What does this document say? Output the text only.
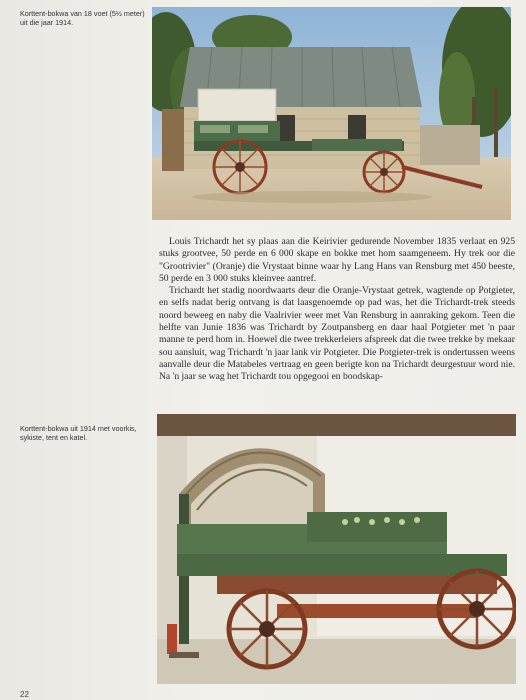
Korttent-bokwa van 18 voet (5½ meter) uit die jaar 1914.

Louis Trichardt het sy plaas aan die Keirivier gedurende November 1835 verlaat en 925 stuks grootvee, 50 perde en 6 000 skape en bokke met hom saamgeneem. Hy trek oor die "Grootrivier" (Oranje) die Vrystaat binne waar hy Lang Hans van Rensburg met 450 beeste, 50 perde en 3 000 stuks kleinvee aantref.

Trichardt het stadig noordwaarts deur die Oranje-Vrystaat getrek, wagtende op Potgieter, en selfs nadat berig ontvang is dat laasgenoemde op pad was, het die Trichardt-trek steeds noord beweeg en naby die Vaalrivier weer met Van Rensburg in aanraking gekom. Teen die helfte van Junie 1836 was Trichardt by Zoutpansberg en daar haal Potgieter met 'n paar manne te perd hom in. Hoewel die twee trekkerleiers afspreek dat die twee trekke by mekaar sou aansluit, wag Trichardt 'n jaar lank vir Potgieter. Die Potgieter-trek is ondertussen weens aanvalle deur die Matabeles vertraag en geen berigte kon na Trichardt deurgestuur word nie. Na 'n jaar se wag het Trichardt tou opgegooi en boodskap-

Korttent-bokwa uit 1914 met voorkis, sykiste, tent en katel.
22
